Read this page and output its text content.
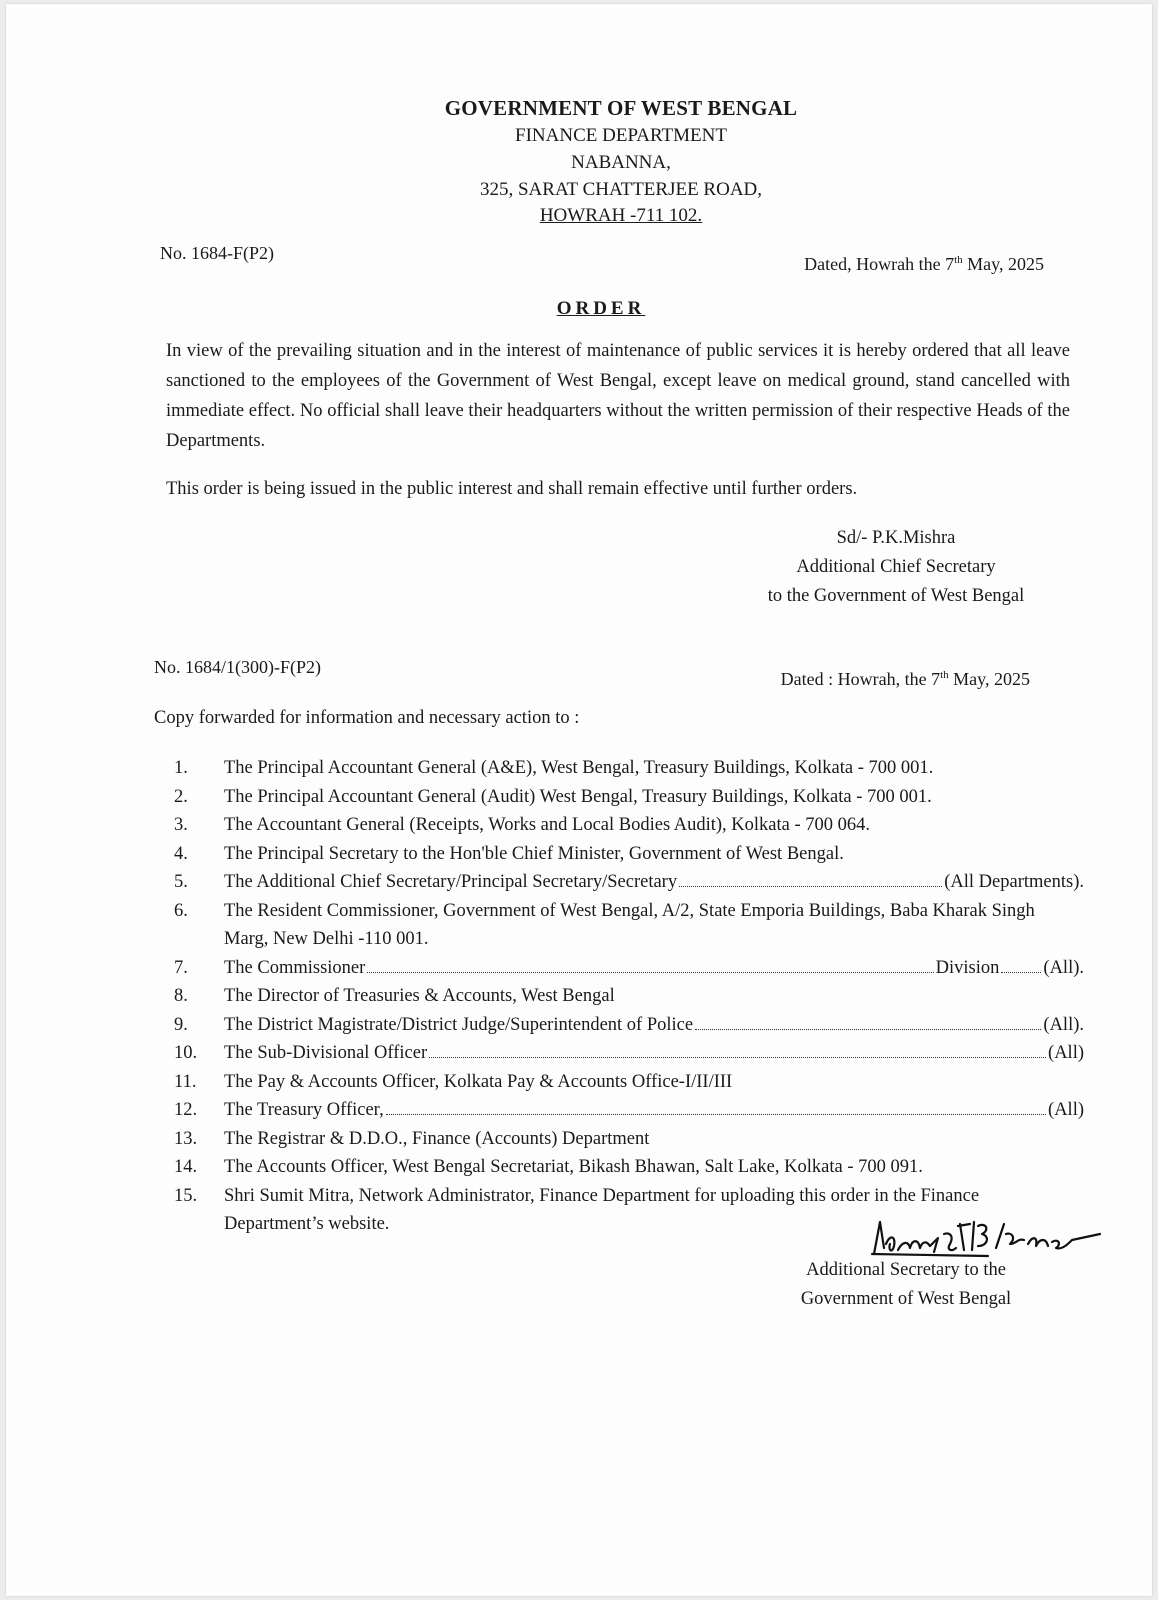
GOVERNMENT OF WEST BENGAL
FINANCE DEPARTMENT
NABANNA,
325, SARAT CHATTERJEE ROAD,
HOWRAH -711 102.
No. 1684-F(P2)
Dated, Howrah the 7th May, 2025
ORDER
In view of the prevailing situation and in the interest of maintenance of public services it is hereby ordered that all leave sanctioned to the employees of the Government of West Bengal, except leave on medical ground, stand cancelled with immediate effect. No official shall leave their headquarters without the written permission of their respective Heads of the Departments.
This order is being issued in the public interest and shall remain effective until further orders.
Sd/- P.K.Mishra
Additional Chief Secretary
to the Government of West Bengal
No. 1684/1(300)-F(P2)
Dated : Howrah, the 7th May, 2025
Copy forwarded for information and necessary action to :
1.	The Principal Accountant General (A&E), West Bengal, Treasury Buildings, Kolkata - 700 001.
2.	The Principal Accountant General (Audit) West Bengal, Treasury Buildings, Kolkata - 700 001.
3.	The Accountant General (Receipts, Works and Local Bodies Audit), Kolkata - 700 064.
4.	The Principal Secretary to the Hon'ble Chief Minister, Government of West Bengal.
5.	The Additional Chief Secretary/Principal Secretary/Secretary	(All Departments).
6.	The Resident Commissioner, Government of West Bengal, A/2, State Emporia Buildings, Baba Kharak Singh Marg, New Delhi -110 001.
7.	The Commissioner	Division (All).
8.	The Director of Treasuries & Accounts, West Bengal
9.	The District Magistrate/District Judge/Superintendent of Police	(All).
10.	The Sub-Divisional Officer	(All)
11.	The Pay & Accounts Officer, Kolkata Pay & Accounts Office-I/II/III
12.	The Treasury Officer,	(All)
13.	The Registrar & D.D.O., Finance (Accounts) Department
14.	The Accounts Officer, West Bengal Secretariat, Bikash Bhawan, Salt Lake, Kolkata - 700 091.
15.	Shri Sumit Mitra, Network Administrator, Finance Department for uploading this order in the Finance Department’s website.
Additional Secretary to the
Government of West Bengal
